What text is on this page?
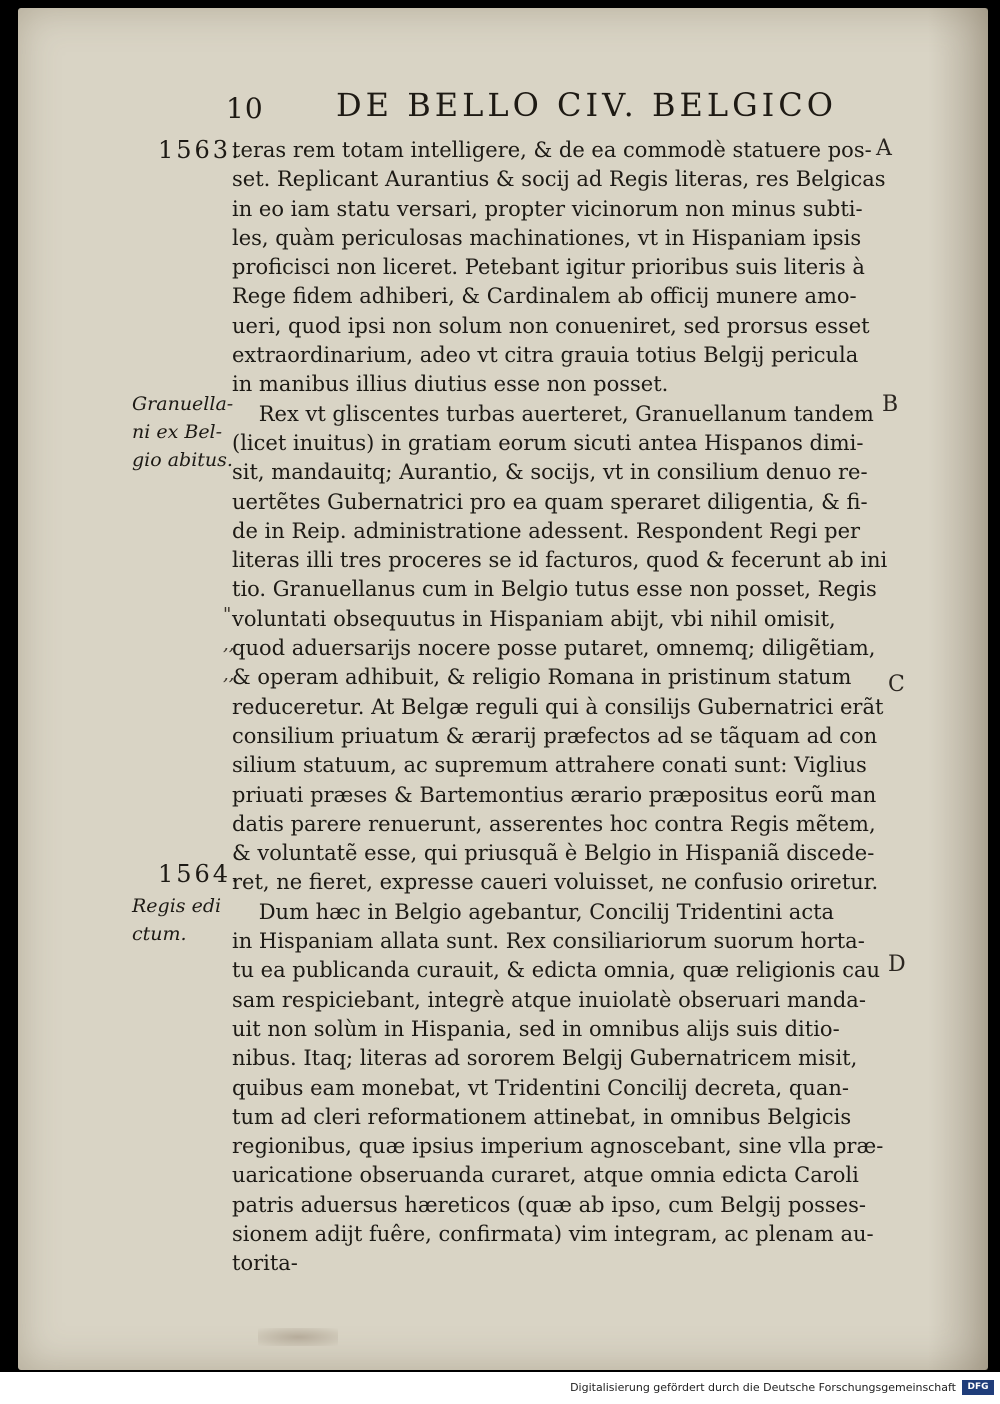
10 DE BELLO CIV. BELGICO
1563.
Granuella-
ni ex Bel-
gio abitus.
"
,,
,,
1564.
Regis edi
ctum.
A
B
C
D
teras rem totam intelligere, & de ea commodè statuere pos-
set. Replicant Aurantius & socij ad Regis literas, res Belgicas
in eo iam statu versari, propter vicinorum non minus subti-
les, quàm periculosas machinationes, vt in Hispaniam ipsis
proficisci non liceret. Petebant igitur prioribus suis literis à
Rege fidem adhiberi, & Cardinalem ab officij munere amo-
ueri, quod ipsi non solum non conueniret, sed prorsus esset
extraordinarium, adeo vt citra grauia totius Belgij pericula
in manibus illius diutius esse non posset.
Rex vt gliscentes turbas auerteret, Granuellanum tandem
(licet inuitus) in gratiam eorum sicuti antea Hispanos dimi-
sit, mandauitq; Aurantio, & socijs, vt in consilium denuo re-
uertẽtes Gubernatrici pro ea quam speraret diligentia, & fi-
de in Reip. administratione adessent. Respondent Regi per
literas illi tres proceres se id facturos, quod & fecerunt ab ini
tio. Granuellanus cum in Belgio tutus esse non posset, Regis
voluntati obsequutus in Hispaniam abijt, vbi nihil omisit,
quod aduersarijs nocere posse putaret, omnemq; diligẽtiam,
& operam adhibuit, & religio Romana in pristinum statum
reduceretur. At Belgæ reguli qui à consilijs Gubernatrici erãt
consilium priuatum & ærarij præfectos ad se tãquam ad con
silium statuum, ac supremum attrahere conati sunt: Viglius
priuati præses & Bartemontius ærario præpositus eorũ man
datis parere renuerunt, asserentes hoc contra Regis mẽtem,
& voluntatẽ esse, qui priusquã è Belgio in Hispaniã discede-
ret, ne fieret, expresse caueri voluisset, ne confusio oriretur.
Dum hæc in Belgio agebantur, Concilij Tridentini acta
in Hispaniam allata sunt. Rex consiliariorum suorum horta-
tu ea publicanda curauit, & edicta omnia, quæ religionis cau
sam respiciebant, integrè atque inuiolatè obseruari manda-
uit non solùm in Hispania, sed in omnibus alijs suis ditio-
nibus. Itaq; literas ad sororem Belgij Gubernatricem misit,
quibus eam monebat, vt Tridentini Concilij decreta, quan-
tum ad cleri reformationem attinebat, in omnibus Belgicis
regionibus, quæ ipsius imperium agnoscebant, sine vlla præ-
uaricatione obseruanda curaret, atque omnia edicta Caroli
patris aduersus hæreticos (quæ ab ipso, cum Belgij posses-
sionem adijt fuêre, confirmata) vim integram, ac plenam au-
torita-
Digitalisierung gefördert durch die Deutsche Forschungsgemeinschaft	DFG
